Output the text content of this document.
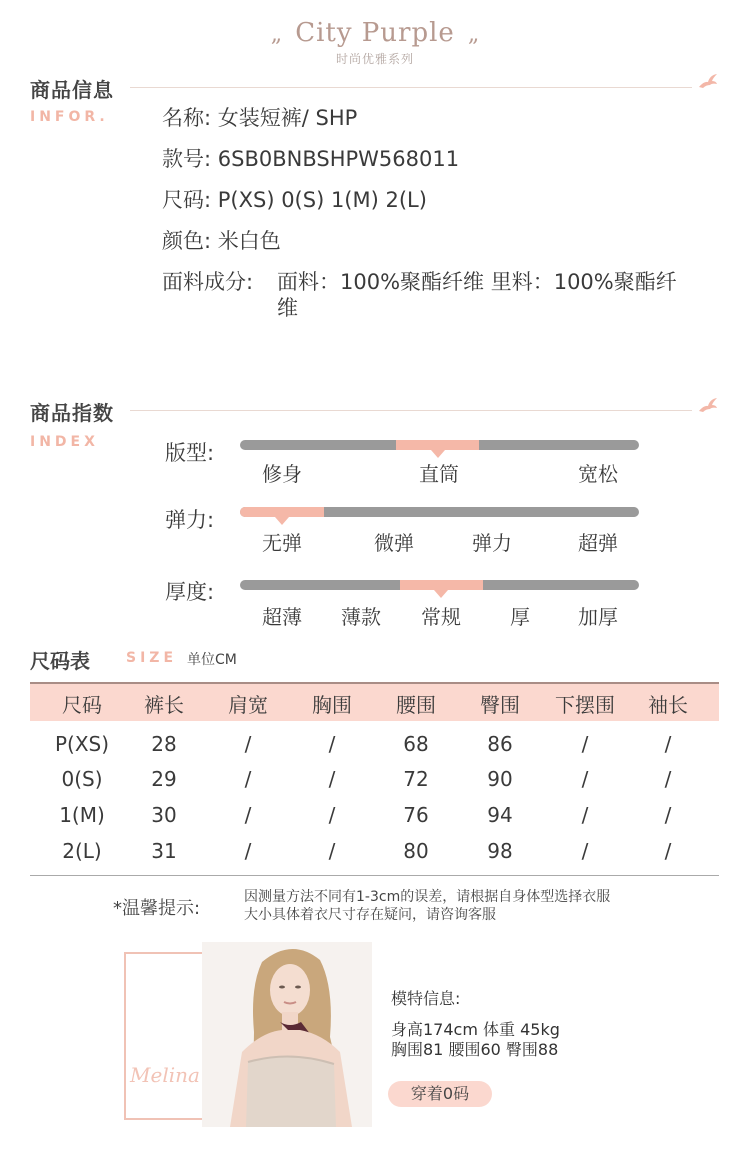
„ City Purple „
时尚优雅系列
商品信息
INFOR.	名称: 女装短裤/ SHP
款号: 6SB0BNBSHPW568011
尺码: P(XS) 0(S) 1(M) 2(L)
颜色: 米白色
面料成分: 面料：100%聚酯纤维 里料：100%聚酯纤
维
商品指数
INDEX	版型:
修身	直筒	宽松
弹力:
无弹	微弹	弹力	超弹
厚度:
超薄 薄款 常规 厚 加厚
尺码表	SIZE 单位CM
尺码 裤长 肩宽 胸围 腰围 臀围 下摆围 袖长
P(XS) 28	/	/	68	86	/	/
0(S) 29	/	/	72	90	/	/
1(M) 30	/	/	76	94	/	/
2(L) 31	/	/	80	98	/	/
*温馨提示:
因测量方法不同有1-3cm的误差，请根据自身体型选择衣服
大小具体着衣尺寸存在疑问，请咨询客服
Melina
模特信息:
身高174cm 体重 45kg
胸围81 腰围60 臀围88
穿着0码
